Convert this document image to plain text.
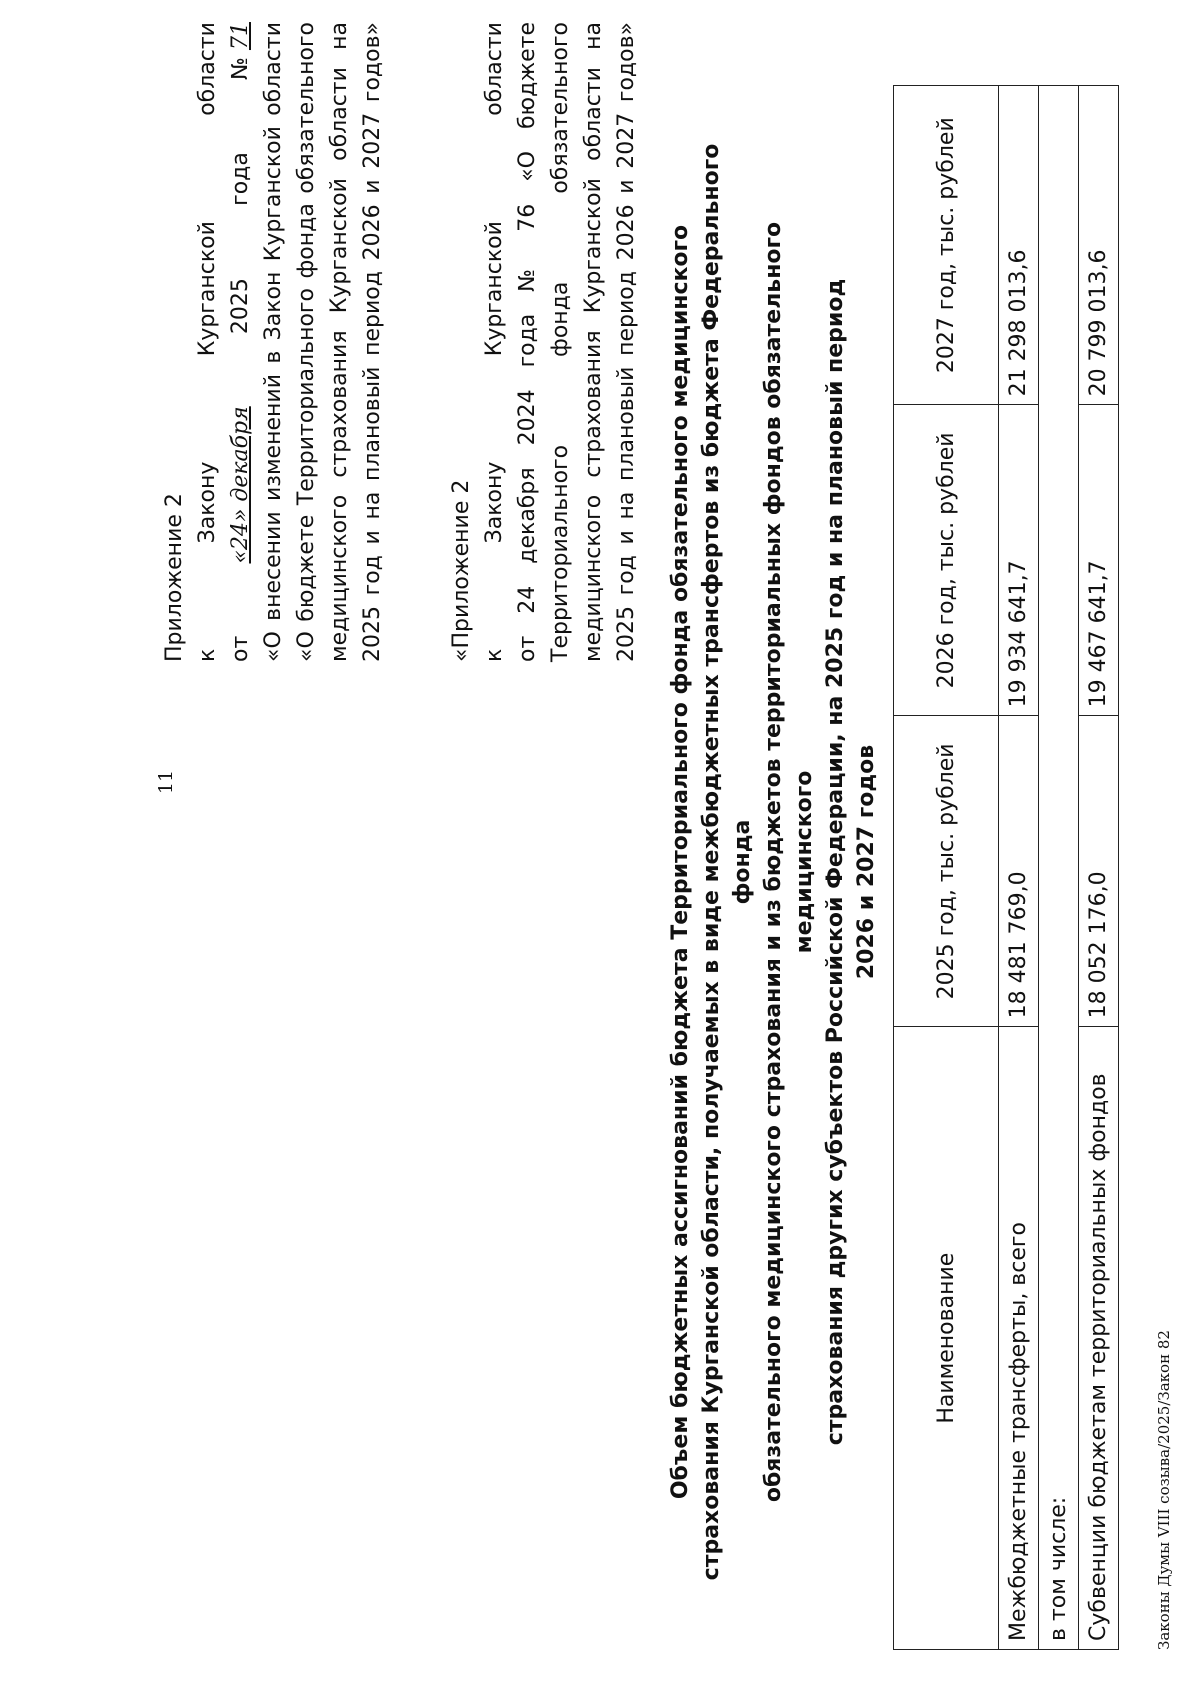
11
Приложение 2 к
Закону
Курганской
области
от
«24» декабря
2025
года
№ 71 «О внесении изменений в Закон Курганской области «О бюджете Территориального фонда обязательного медицинского страхования Курганской области на 2025 год и на плановый период 2026 и 2027 годов»	«Приложение 2 к
Закону
Курганской
области от 24 декабря 2024 года № 76 «О бюджете Территориального фонда обязательного медицинского страхования Курганской области на 2025 год и на плановый период 2026 и 2027 годов» Объем бюджетных ассигнований бюджета Территориального фонда обязательного медицинского страхования Курганской области, получаемых в виде межбюджетных трансфертов из бюджета Федерального фонда обязательного медицинского страхования и из бюджетов территориальных фондов обязательного медицинского страхования других субъектов Российской Федерации, на 2025 год и на плановый период 2026 и 2027 годов
Наименование	2025 год, тыс. рублей	2026 год, тыс. рублей	2027 год, тыс. рублей
Межбюджетные трансферты, всего	18 481 769,0	19 934 641,7	21 298 013,6
в том числе:			
Субвенции бюджетам территориальных фондов	18 052 176,0	19 467 641,7	20 799 013,6
Законы Думы VIII созыва/2025/Закон 82
